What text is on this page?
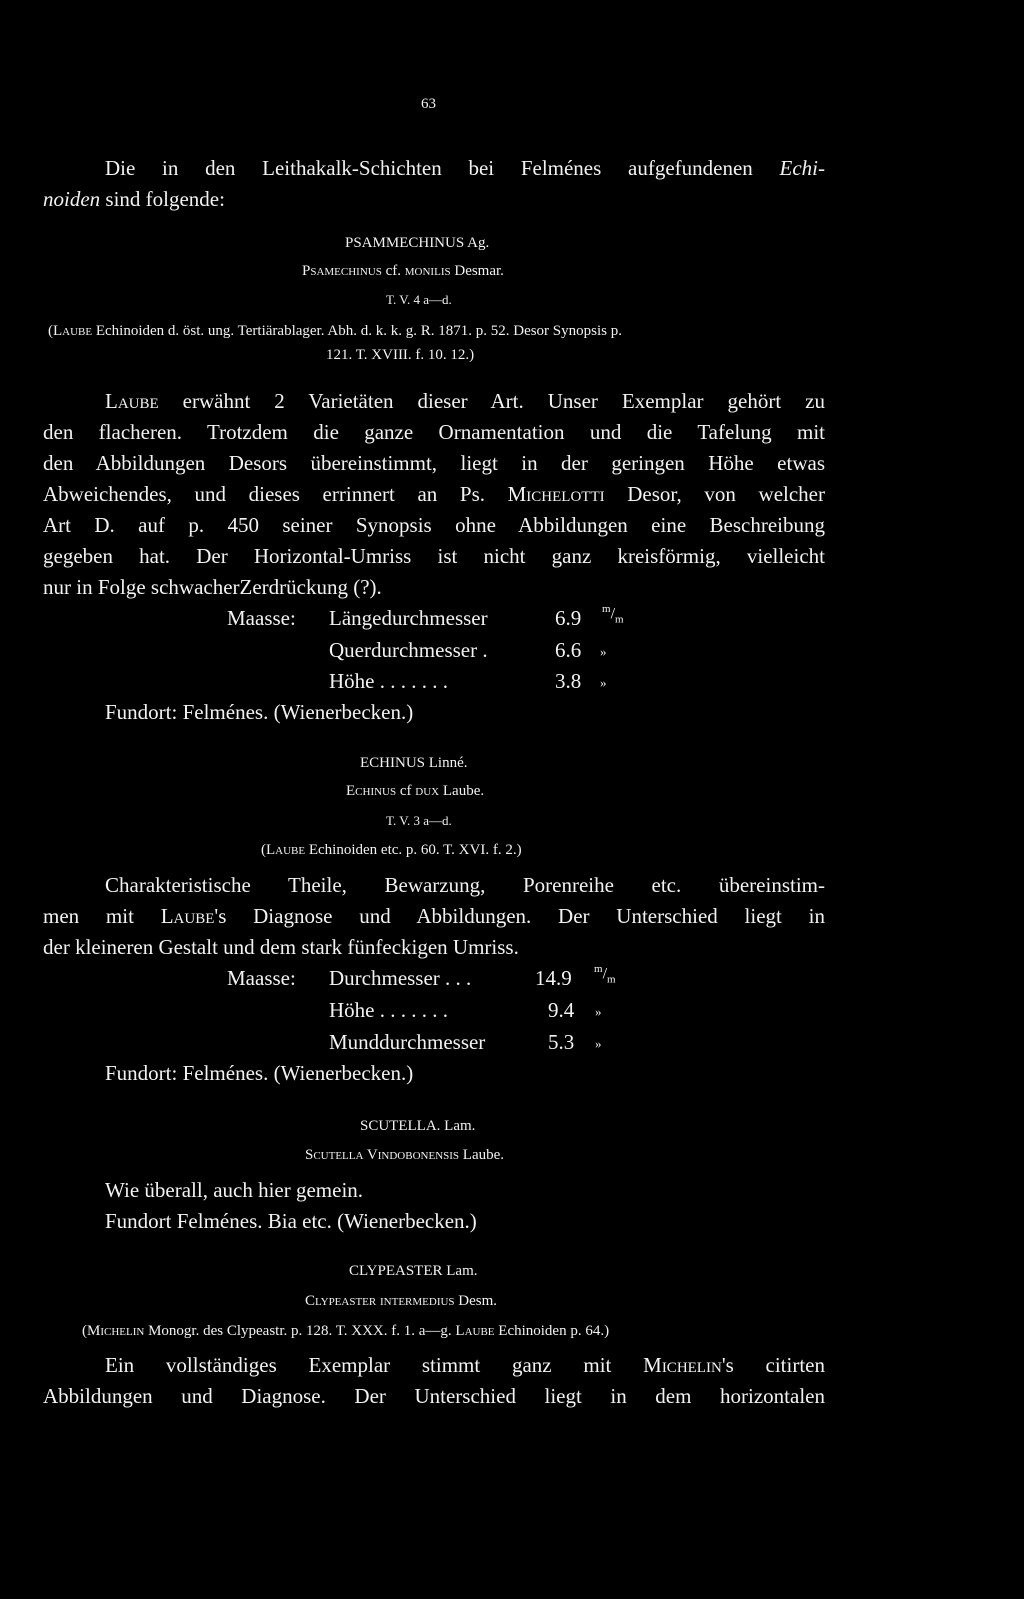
63
Die in den Leithakalk-Schichten bei Felménes aufgefundenen Echi-
noiden sind folgende:
PSAMMECHINUS Ag.
Psamechinus cf. monilis Desmar.
T. V. 4 a—d.
(Laube Echinoiden d. öst. ung. Tertiärablager. Abh. d. k. k. g. R. 1871. p. 52. Desor Synopsis p.
121. T. XVIII. f. 10. 12.)
Laube erwähnt 2 Varietäten dieser Art. Unser Exemplar gehört zu
den flacheren. Trotzdem die ganze Ornamentation und die Tafelung mit
den Abbildungen Desors übereinstimmt, liegt in der geringen Höhe etwas
Abweichendes, und dieses errinnert an Ps. Michelotti Desor, von welcher
Art D. auf p. 450 seiner Synopsis ohne Abbildungen eine Beschreibung
gegeben hat. Der Horizontal-Umriss ist nicht ganz kreisförmig, vielleicht
nur in Folge schwacherZerdrückung (?).
Maasse: Längedurchmesser	6.9 $^m/_m$
Querdurchmesser .	6.6 »
Höhe . . . . . . .	3.8 »
Fundort: Felménes. (Wienerbecken.)
ECHINUS Linné.
Echinus cf dux Laube.
T. V. 3 a—d.
(Laube Echinoiden etc. p. 60. T. XVI. f. 2.)
Charakteristische Theile, Bewarzung, Porenreihe etc. übereinstim-
men mit Laube's Diagnose und Abbildungen. Der Unterschied liegt in
der kleineren Gestalt und dem stark fünfeckigen Umriss.
Maasse: Durchmesser . . .	14.9 $^m/_m$
Höhe . . . . . . .	9.4 »
Munddurchmesser	5.3 »
Fundort: Felménes. (Wienerbecken.)
SCUTELLA. Lam.
Scutella Vindobonensis Laube.
Wie überall, auch hier gemein.
Fundort Felménes. Bia etc. (Wienerbecken.)
CLYPEASTER Lam.
Clypeaster intermedius Desm.
(Michelin Monogr. des Clypeastr. p. 128. T. XXX. f. 1. a—g. Laube Echinoiden p. 64.)
Ein vollständiges Exemplar stimmt ganz mit Michelin's citirten
Abbildungen und Diagnose. Der Unterschied liegt in dem horizontalen
